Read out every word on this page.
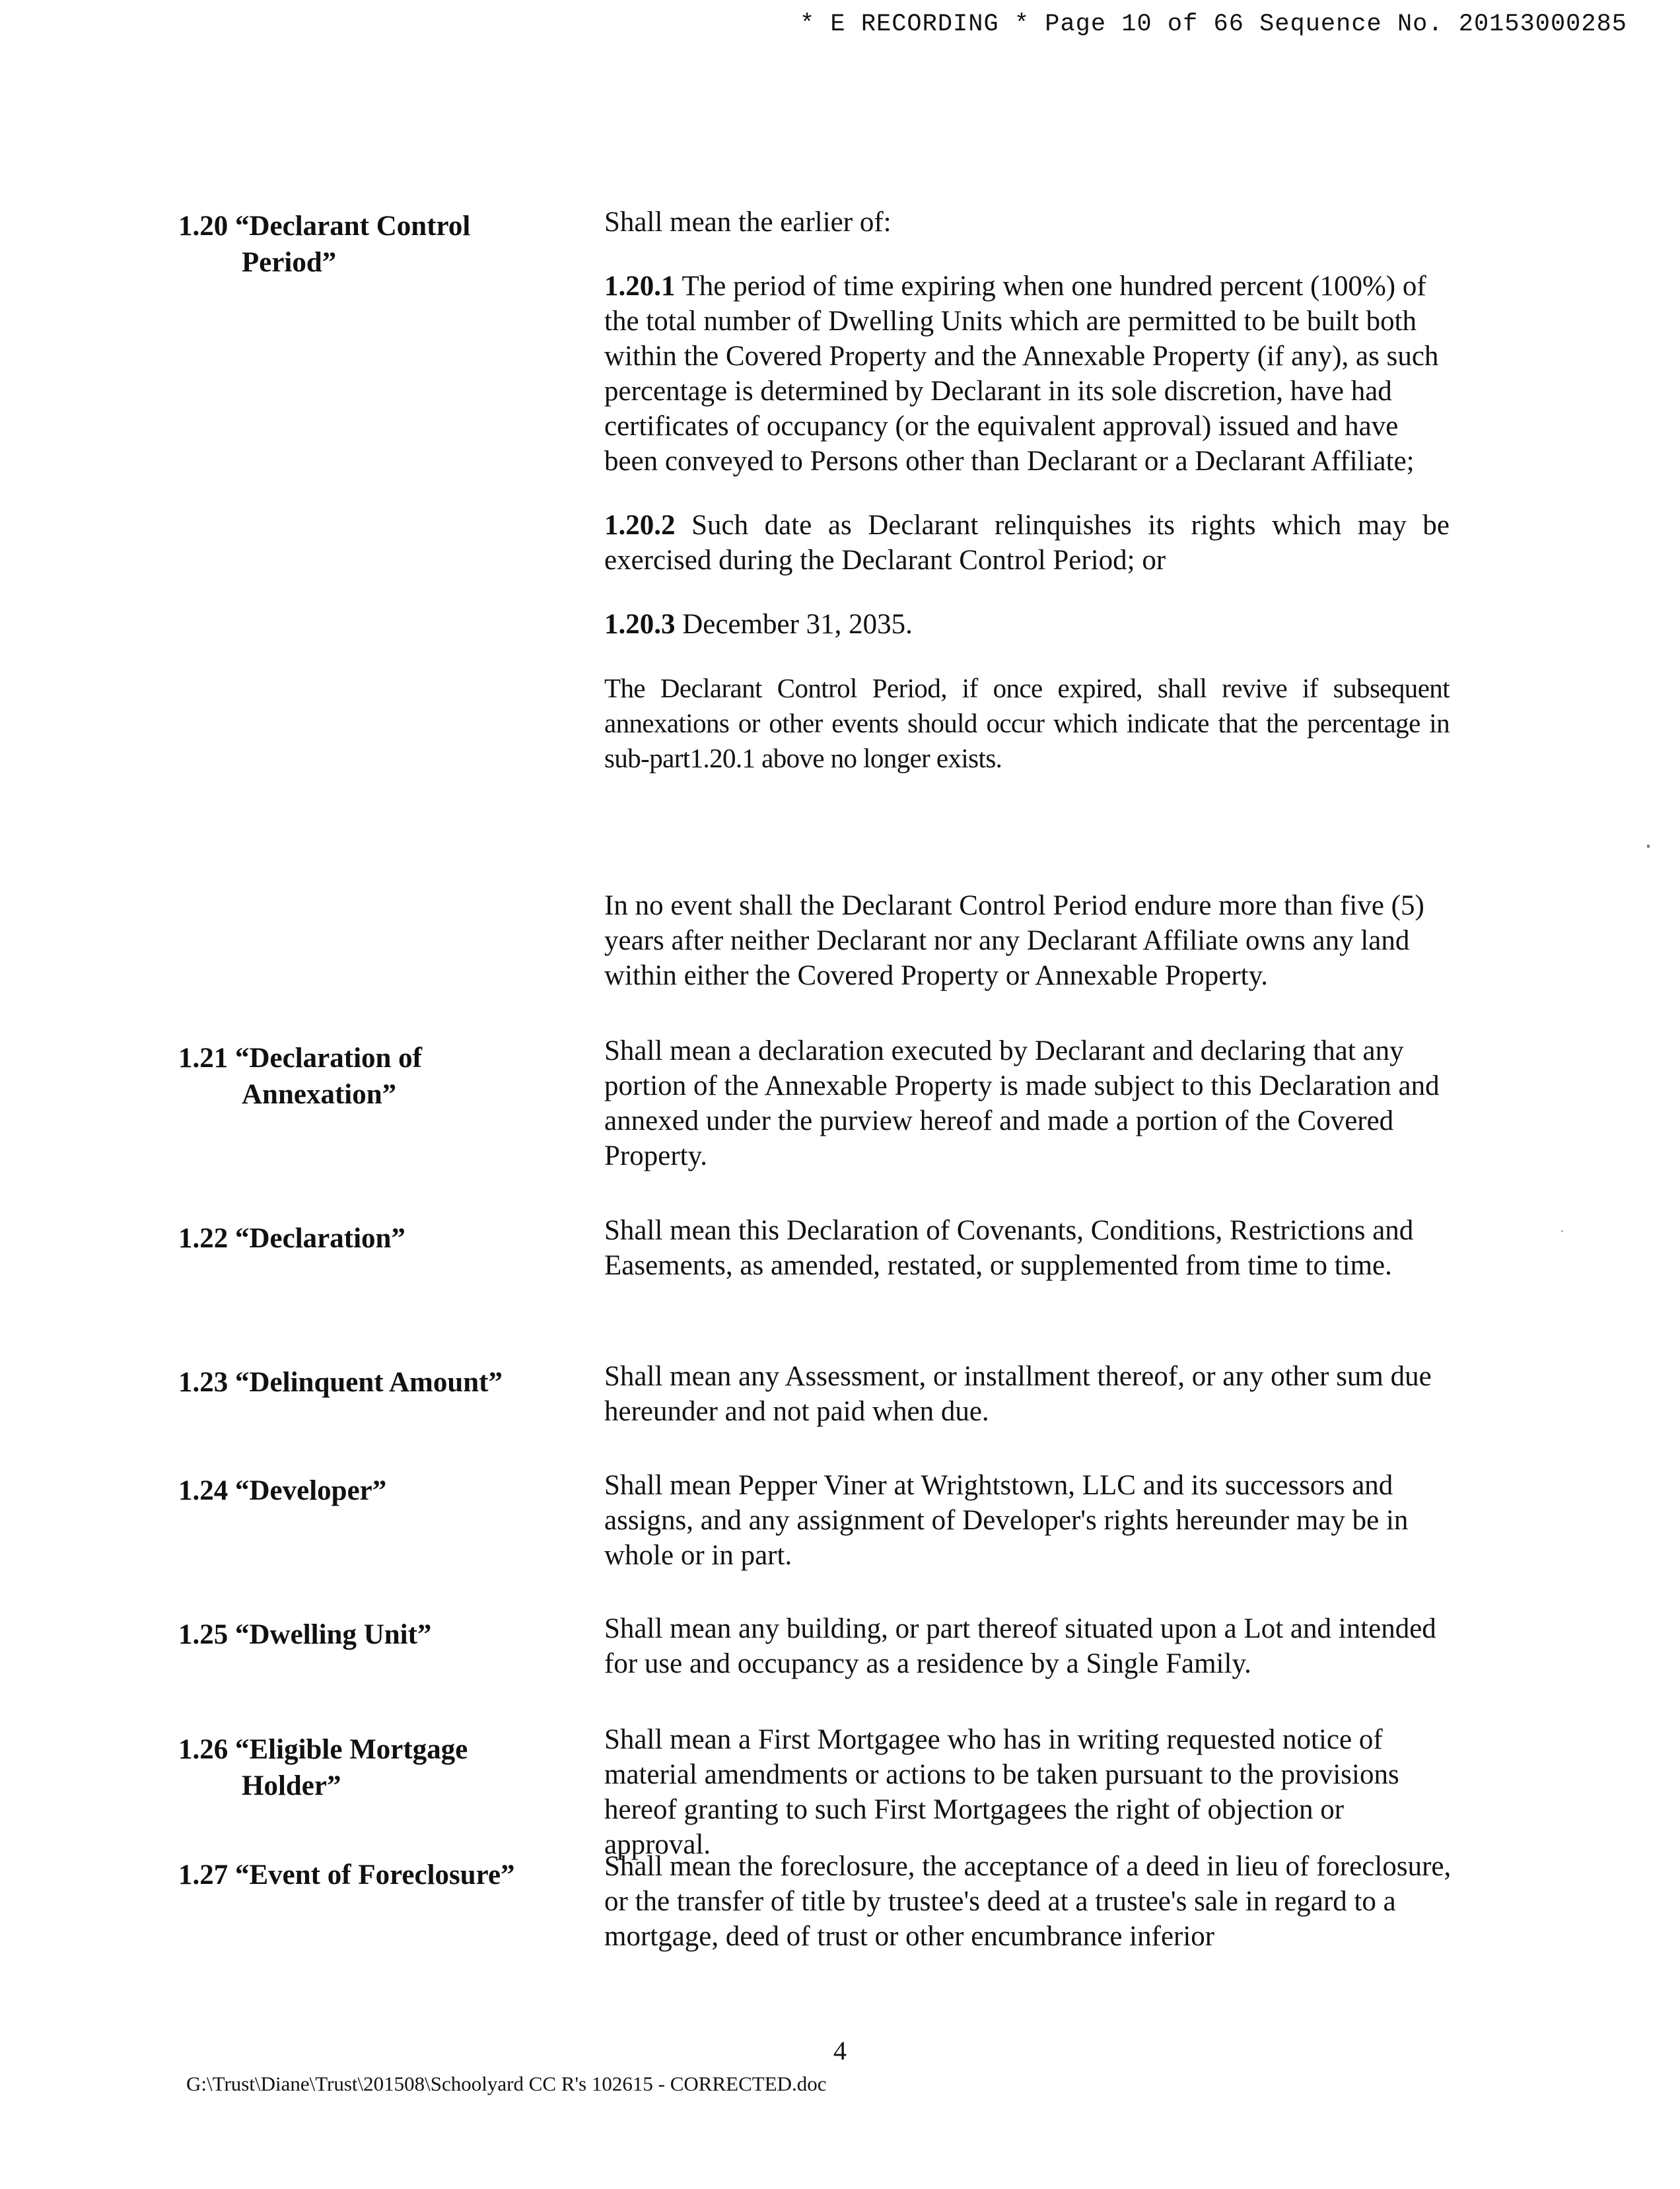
* E RECORDING * Page 10 of 66 Sequence No. 20153000285
1.20 “Declarant Control
Period”

Shall mean the earlier of:

1.20.1 The period of time expiring when one hundred percent (100%) of the total number of Dwelling Units which are permitted to be built both within the Covered Property and the Annexable Property (if any), as such percentage is determined by Declarant in its sole discretion, have had certificates of occupancy (or the equivalent approval) issued and have been conveyed to Persons other than Declarant or a Declarant Affiliate;

1.20.2 Such date as Declarant relinquishes its rights which may be exercised during the Declarant Control Period; or

1.20.3 December 31, 2035.

The Declarant Control Period, if once expired, shall revive if subsequent annexations or other events should occur which indicate that the percentage in sub-part1.20.1 above no longer exists.

In no event shall the Declarant Control Period endure more than five (5) years after neither Declarant nor any Declarant Affiliate owns any land within either the Covered Property or Annexable Property.
1.21 “Declaration of
Annexation”
Shall mean a declaration executed by Declarant and declaring that any portion of the Annexable Property is made subject to this Declaration and annexed under the purview hereof and made a portion of the Covered Property.
1.22 “Declaration”	Shall mean this Declaration of Covenants, Conditions, Restrictions and Easements, as amended, restated, or supplemented from time to time.
1.23 “Delinquent Amount”	Shall mean any Assessment, or installment thereof, or any other sum due hereunder and not paid when due.
1.24 “Developer”	Shall mean Pepper Viner at Wrightstown, LLC and its successors and assigns, and any assignment of Developer's rights hereunder may be in whole or in part.
1.25 “Dwelling Unit”	Shall mean any building, or part thereof situated upon a Lot and intended for use and occupancy as a residence by a Single Family.
1.26 “Eligible Mortgage
Holder”
Shall mean a First Mortgagee who has in writing requested notice of material amendments or actions to be taken pursuant to the provisions hereof granting to such First Mortgagees the right of objection or approval.
1.27 “Event of Foreclosure”	Shall mean the foreclosure, the acceptance of a deed in lieu of foreclosure, or the transfer of title by trustee's deed at a trustee's sale in regard to a mortgage, deed of trust or other encumbrance inferior
4
G:\Trust\Diane\Trust\201508\Schoolyard CC R's 102615 - CORRECTED.doc
